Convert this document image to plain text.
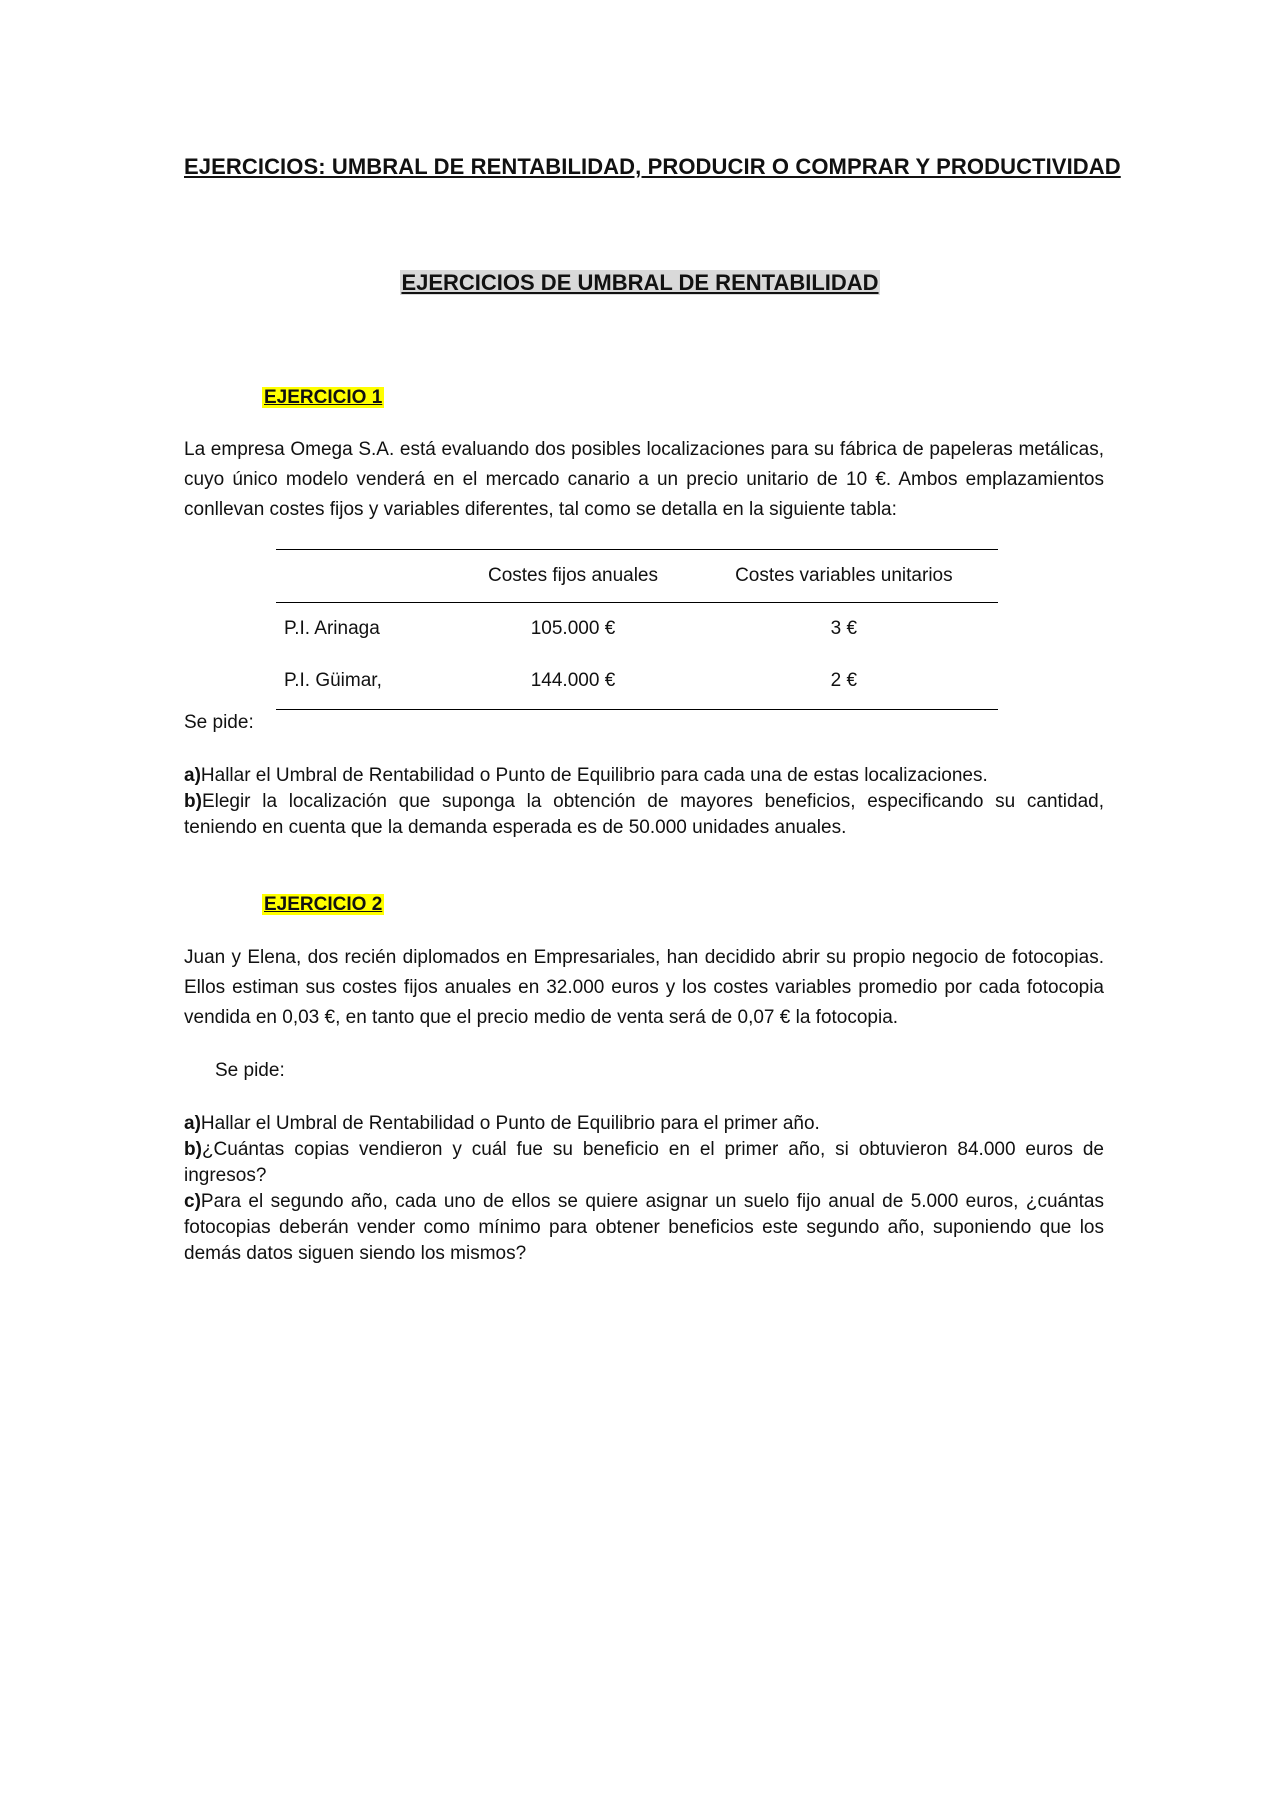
EJERCICIOS: UMBRAL DE RENTABILIDAD, PRODUCIR O COMPRAR Y PRODUCTIVIDAD
EJERCICIOS DE UMBRAL DE RENTABILIDAD
EJERCICIO 1

La empresa Omega S.A. está evaluando dos posibles localizaciones para su fábrica de papeleras metálicas, cuyo único modelo venderá en el mercado canario a un precio unitario de 10 €. Ambos emplazamientos conllevan costes fijos y variables diferentes, tal como se detalla en la siguiente tabla:

	Costes fijos anuales	Costes variables unitarios
P.I. Arinaga	105.000 €	3 €
P.I. Güimar,	144.000 €	2 €

Se pide:

a)Hallar el Umbral de Rentabilidad o Punto de Equilibrio para cada una de estas localizaciones.

b)Elegir la localización que suponga la obtención de mayores beneficios, especificando su cantidad, teniendo en cuenta que la demanda esperada es de 50.000 unidades anuales.

EJERCICIO 2

Juan y Elena, dos recién diplomados en Empresariales, han decidido abrir su propio negocio de fotocopias. Ellos estiman sus costes fijos anuales en 32.000 euros y los costes variables promedio por cada fotocopia vendida en 0,03 €, en tanto que el precio medio de venta será de 0,07 € la fotocopia.

Se pide:

a)Hallar el Umbral de Rentabilidad o Punto de Equilibrio para el primer año.

b)¿Cuántas copias vendieron y cuál fue su beneficio en el primer año, si obtuvieron 84.000 euros de ingresos?

c)Para el segundo año, cada uno de ellos se quiere asignar un suelo fijo anual de 5.000 euros, ¿cuántas fotocopias deberán vender como mínimo para obtener beneficios este segundo año, suponiendo que los demás datos siguen siendo los mismos?
